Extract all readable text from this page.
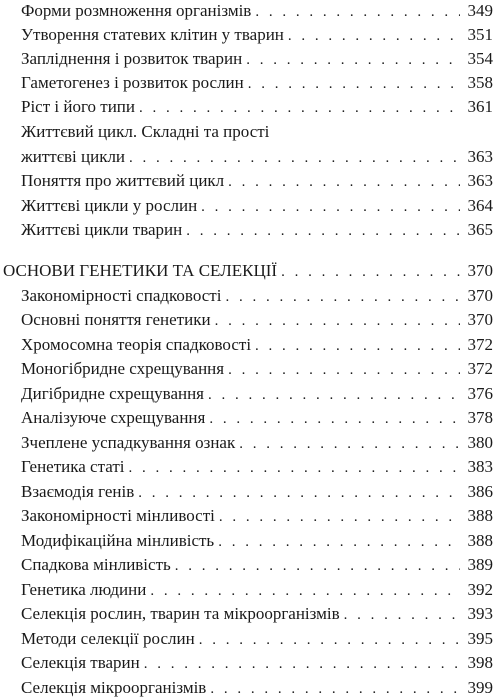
Форми розмноження організмів . . .	349
Утворення статевих клітин у тварин . . .	351
Запліднення і розвиток тварин . . .	354
Гаметогенез і розвиток рослин . . .	358
Ріст і його типи . . .	361
Життєвий цикл. Складні та прості
життєві цикли . . .	363
Поняття про життєвий цикл . . .	363
Життєві цикли у рослин . . .	364
Життєві цикли тварин . . .	365
ОСНОВИ ГЕНЕТИКИ ТА СЕЛЕКЦІЇ . . .	370
Закономірності спадковості . . .	370
Основні поняття генетики . . .	370
Хромосомна теорія спадковості . . .	372
Моногібридне схрещування . . .	372
Дигібридне схрещування . . .	376
Аналізуюче схрещування . . .	378
Зчеплене успадкування ознак . . .	380
Генетика статі . . .	383
Взаємодія генів . . .	386
Закономірності мінливості . . .	388
Модифікаційна мінливість . . .	388
Спадкова мінливість . . .	389
Генетика людини . . .	392
Селекція рослин, тварин та мікроорганізмів . . .	393
Методи селекції рослин . . .	395
Селекція тварин . . .	398
Селекція мікроорганізмів . . .	399
